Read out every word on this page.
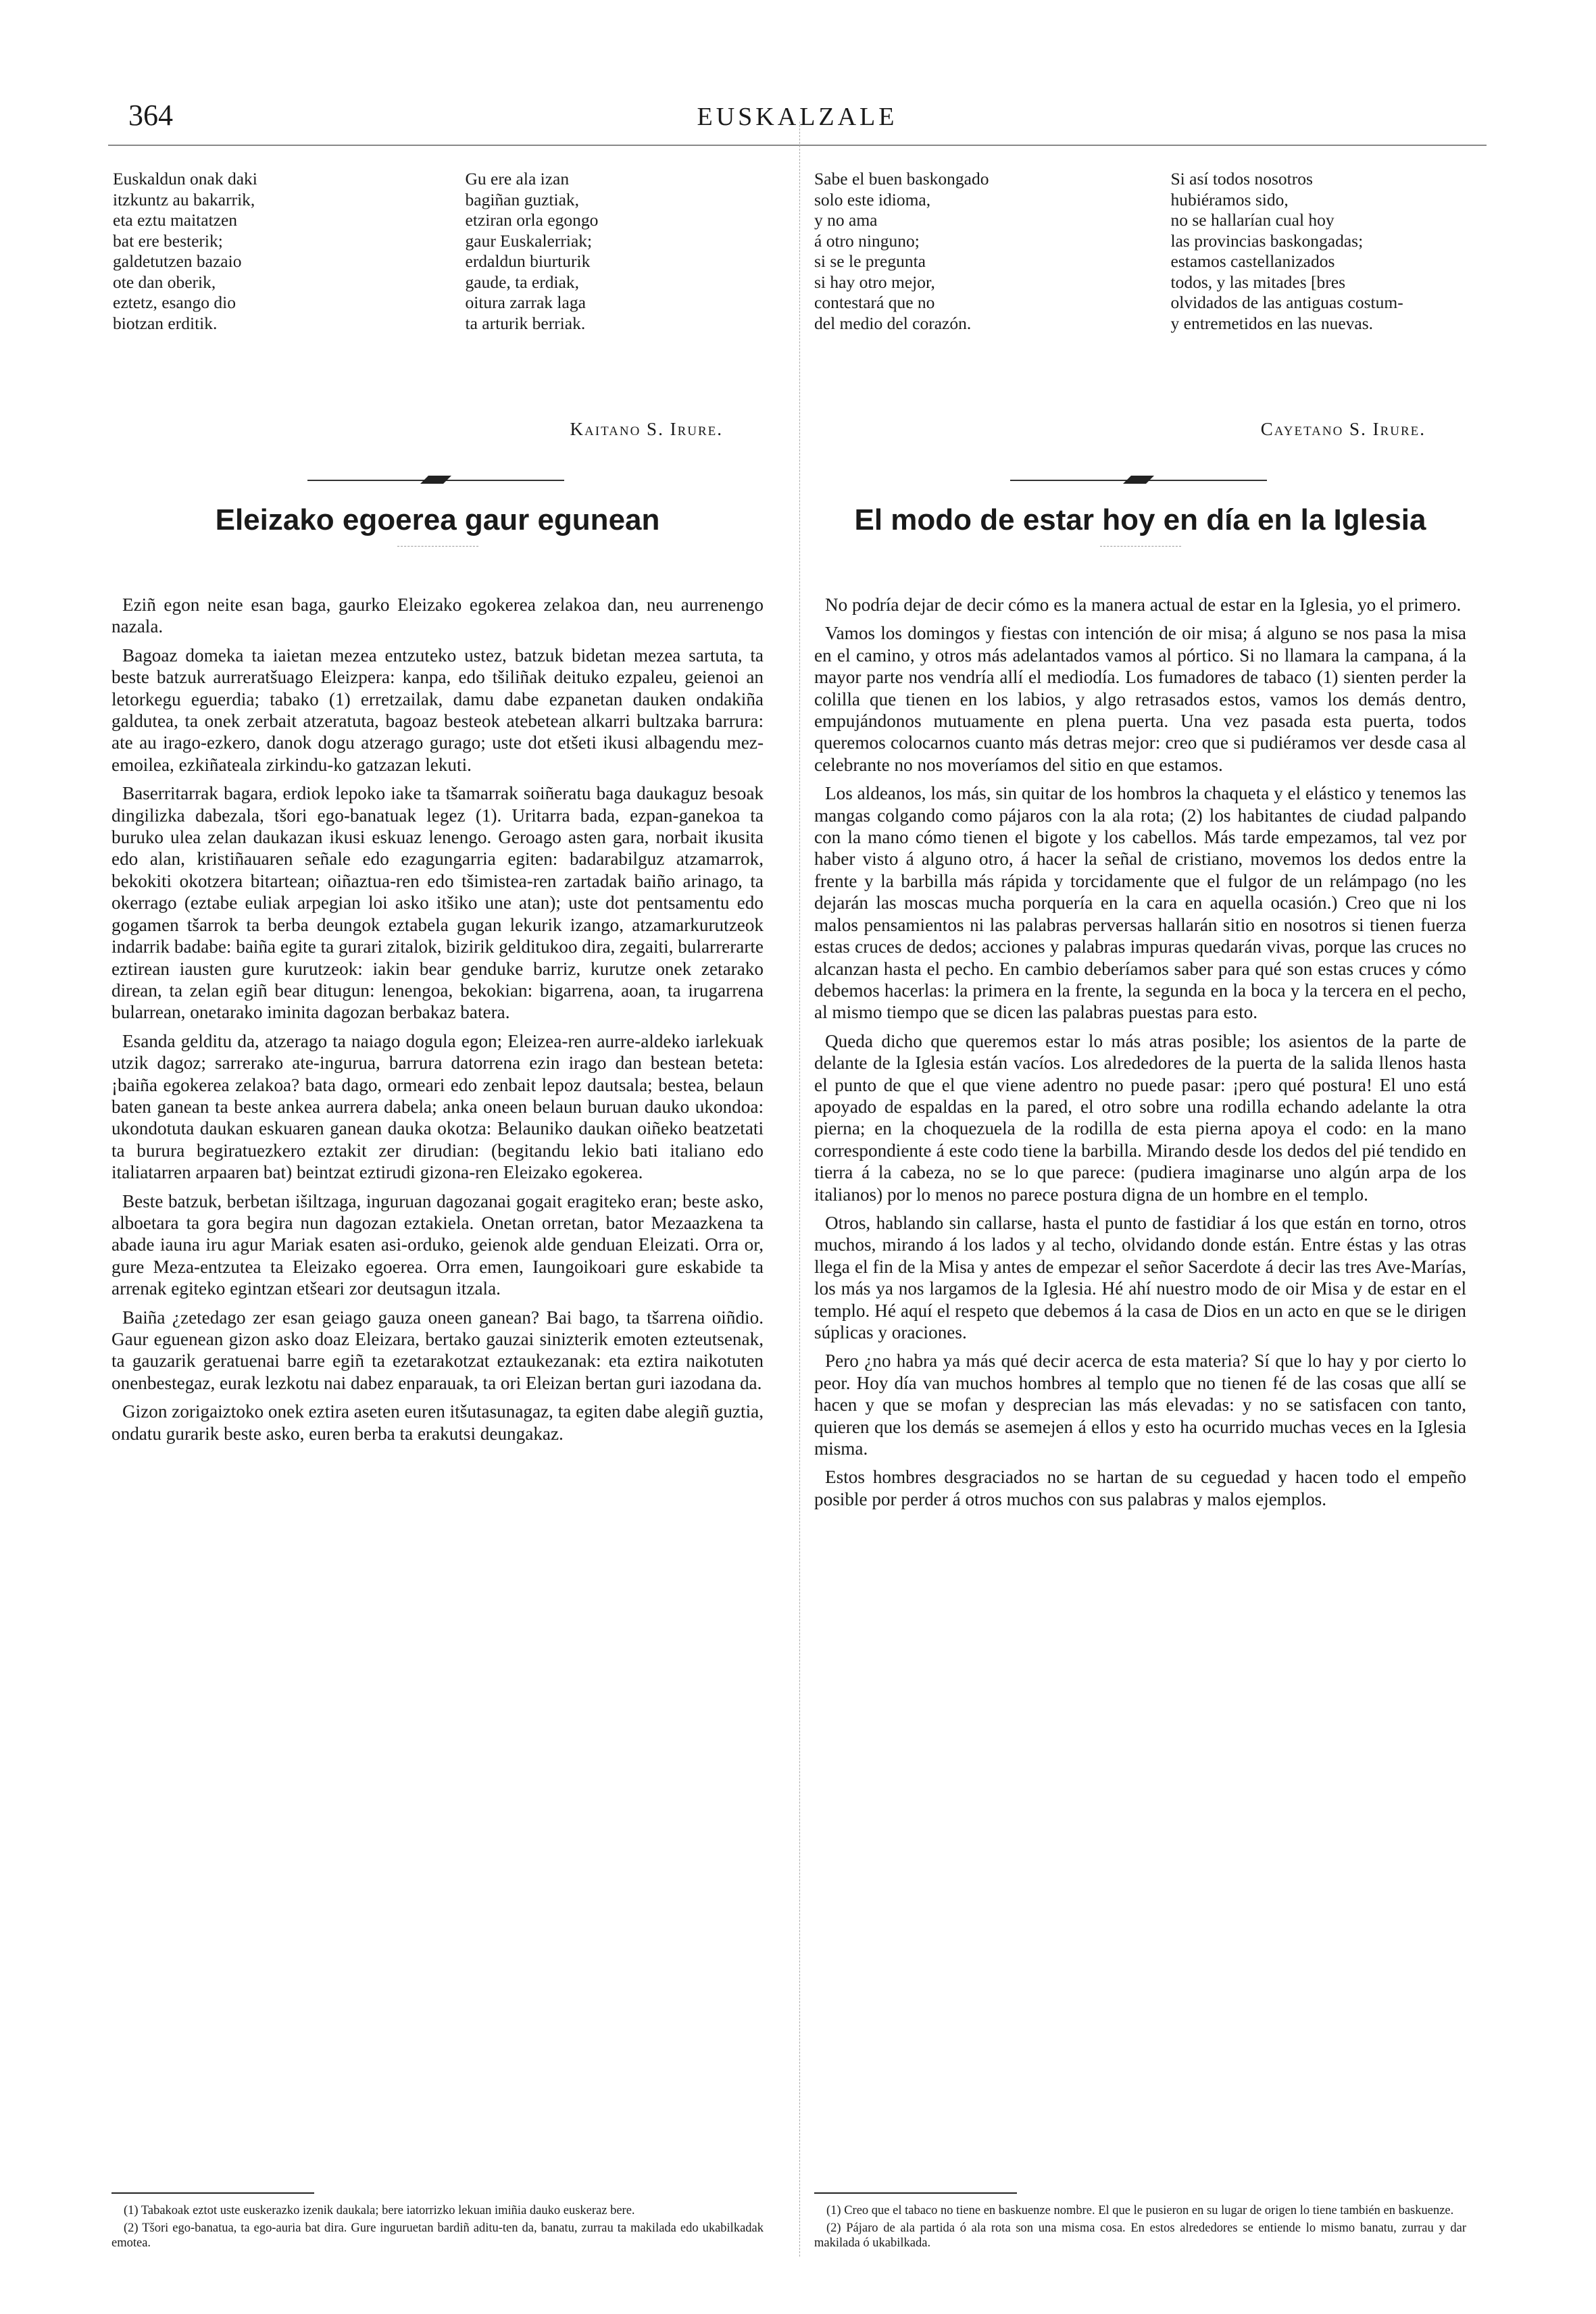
364	EUSKALZALE
Euskaldun onak daki
itzkuntz au bakarrik,
eta eztu maitatzen
bat ere besterik;
galdetutzen bazaio
ote dan oberik,
eztetz, esango dio
biotzan erditik.
Gu ere ala izan
bagiñan guztiak,
etziran orla egongo
gaur Euskalerriak;
erdaldun biurturik
gaude, ta erdiak,
oitura zarrak laga
ta arturik berriak.
Kaitano S. Irure.
Eleizako egoerea gaur egunean

Eziñ egon neite esan baga, gaurko Eleizako egokerea zelakoa dan, neu aurrenengo nazala.

Bagoaz domeka ta iaietan mezea entzuteko ustez, batzuk bidetan mezea sartuta, ta beste batzuk aurreratšuago Eleizpera: kanpa, edo tšiliñak deituko ezpaleu, geienoi an letorkegu eguerdia; tabako (1) erretzailak, damu dabe ezpanetan dauken ondakiña galdutea, ta onek zerbait atzeratuta, bagoaz besteok atebetean alkarri bultzaka barrura: ate au irago-ezkero, danok dogu atzerago gurago; uste dot etšeti ikusi albagendu mez-emoilea, ezkiñateala zirkindu-ko gatzazan lekuti.

Baserritarrak bagara, erdiok lepoko iake ta tšamarrak soiñeratu baga daukaguz besoak dingilizka dabezala, tšori ego-banatuak legez (1). Uritarra bada, ezpan-ganekoa ta buruko ulea zelan daukazan ikusi eskuaz lenengo. Geroago asten gara, norbait ikusita edo alan, kristiñauaren señale edo ezagungarria egiten: badarabilguz atzamarrok, bekokiti okotzera bitartean; oiñaztua-ren edo tšimistea-ren zartadak baiño arinago, ta okerrago (eztabe euliak arpegian loi asko itšiko une atan); uste dot pentsamentu edo gogamen tšarrok ta berba deungok eztabela gugan lekurik izango, atzamarkurutzeok indarrik badabe: baiña egite ta gurari zitalok, bizirik gelditukoo dira, zegaiti, bularrerarte eztirean iausten gure kurutzeok: iakin bear genduke barriz, kurutze onek zetarako direan, ta zelan egiñ bear ditugun: lenengoa, bekokian: bigarrena, aoan, ta irugarrena bularrean, onetarako iminita dagozan berbakaz batera.

Esanda gelditu da, atzerago ta naiago dogula egon; Eleizea-ren aurre-aldeko iarlekuak utzik dagoz; sarrerako ate-ingurua, barrura datorrena ezin irago dan bestean beteta: ¡baiña egokerea zelakoa? bata dago, ormeari edo zenbait lepoz dautsala; bestea, belaun baten ganean ta beste ankea aurrera dabela; anka oneen belaun buruan dauko ukondoa: ukondotuta daukan eskuaren ganean dauka okotza: Belauniko daukan oiñeko beatzetati ta burura begiratuezkero eztakit zer dirudian: (begitandu lekio bati italiano edo italiatarren arpaaren bat) beintzat eztirudi gizona-ren Eleizako egokerea.

Beste batzuk, berbetan išiltzaga, inguruan dagozanai gogait eragiteko eran; beste asko, alboetara ta gora begira nun dagozan eztakiela. Onetan orretan, bator Mezaazkena ta abade iauna iru agur Mariak esaten asi-orduko, geienok alde genduan Eleizati. Orra or, gure Meza-entzutea ta Eleizako egoerea. Orra emen, Iaungoikoari gure eskabide ta arrenak egiteko egintzan etšeari zor deutsagun itzala.

Baiña ¿zetedago zer esan geiago gauza oneen ganean? Bai bago, ta tšarrena oiñdio. Gaur eguenean gizon asko doaz Eleizara, bertako gauzai sinizterik emoten ezteutsenak, ta gauzarik geratuenai barre egiñ ta ezetarakotzat eztaukezanak: eta eztira naikotuten onenbestegaz, eurak lezkotu nai dabez enparauak, ta ori Eleizan bertan guri iazodana da.

Gizon zorigaiztoko onek eztira aseten euren itšutasunagaz, ta egiten dabe alegiñ guztia, ondatu gurarik beste asko, euren berba ta erakutsi deungakaz.

Sabe el buen baskongado
solo este idioma,
y no ama
á otro ninguno;
si se le pregunta
si hay otro mejor,
contestará que no
del medio del corazón.
Si así todos nosotros
hubiéramos sido,
no se hallarían cual hoy
las provincias baskongadas;
estamos castellanizados
todos, y las mitades [bres
olvidados de las antiguas costum-
y entremetidos en las nuevas.
Cayetano S. Irure.
El modo de estar hoy en día en la Iglesia

No podría dejar de decir cómo es la manera actual de estar en la Iglesia, yo el primero.

Vamos los domingos y fiestas con intención de oir misa; á alguno se nos pasa la misa en el camino, y otros más adelantados vamos al pórtico. Si no llamara la campana, á la mayor parte nos vendría allí el mediodía. Los fumadores de tabaco (1) sienten perder la colilla que tienen en los labios, y algo retrasados estos, vamos los demás dentro, empujándonos mutuamente en plena puerta. Una vez pasada esta puerta, todos queremos colocarnos cuanto más detras mejor: creo que si pudiéramos ver desde casa al celebrante no nos moveríamos del sitio en que estamos.

Los aldeanos, los más, sin quitar de los hombros la chaqueta y el elástico y tenemos las mangas colgando como pájaros con la ala rota; (2) los habitantes de ciudad palpando con la mano cómo tienen el bigote y los cabellos. Más tarde empezamos, tal vez por haber visto á alguno otro, á hacer la señal de cristiano, movemos los dedos entre la frente y la barbilla más rápida y torcidamente que el fulgor de un relámpago (no les dejarán las moscas mucha porquería en la cara en aquella ocasión.) Creo que ni los malos pensamientos ni las palabras perversas hallarán sitio en nosotros si tienen fuerza estas cruces de dedos; acciones y palabras impuras quedarán vivas, porque las cruces no alcanzan hasta el pecho. En cambio deberíamos saber para qué son estas cruces y cómo debemos hacerlas: la primera en la frente, la segunda en la boca y la tercera en el pecho, al mismo tiempo que se dicen las palabras puestas para esto.

Queda dicho que queremos estar lo más atras posible; los asientos de la parte de delante de la Iglesia están vacíos. Los alrededores de la puerta de la salida llenos hasta el punto de que el que viene adentro no puede pasar: ¡pero qué postura! El uno está apoyado de espaldas en la pared, el otro sobre una rodilla echando adelante la otra pierna; en la choquezuela de la rodilla de esta pierna apoya el codo: en la mano correspondiente á este codo tiene la barbilla. Mirando desde los dedos del pié tendido en tierra á la cabeza, no se lo que parece: (pudiera imaginarse uno algún arpa de los italianos) por lo menos no parece postura digna de un hombre en el templo.

Otros, hablando sin callarse, hasta el punto de fastidiar á los que están en torno, otros muchos, mirando á los lados y al techo, olvidando donde están. Entre éstas y las otras llega el fin de la Misa y antes de empezar el señor Sacerdote á decir las tres Ave-Marías, los más ya nos largamos de la Iglesia. Hé ahí nuestro modo de oir Misa y de estar en el templo. Hé aquí el respeto que debemos á la casa de Dios en un acto en que se le dirigen súplicas y oraciones.

Pero ¿no habra ya más qué decir acerca de esta materia? Sí que lo hay y por cierto lo peor. Hoy día van muchos hombres al templo que no tienen fé de las cosas que allí se hacen y que se mofan y desprecian las más elevadas: y no se satisfacen con tanto, quieren que los demás se asemejen á ellos y esto ha ocurrido muchas veces en la Iglesia misma.

Estos hombres desgraciados no se hartan de su ceguedad y hacen todo el empeño posible por perder á otros muchos con sus palabras y malos ejemplos.

(1) Tabakoak eztot uste euskerazko izenik daukala; bere iatorrizko lekuan imiñia dauko euskeraz bere.

(2) Tšori ego-banatua, ta ego-auria bat dira. Gure inguruetan bardiñ aditu-ten da, banatu, zurrau ta makilada edo ukabilkadak emotea.

(1) Creo que el tabaco no tiene en baskuenze nombre. El que le pusieron en su lugar de origen lo tiene también en baskuenze.

(2) Pájaro de ala partida ó ala rota son una misma cosa. En estos alrededores se entiende lo mismo banatu, zurrau y dar makilada ó ukabilkada.
